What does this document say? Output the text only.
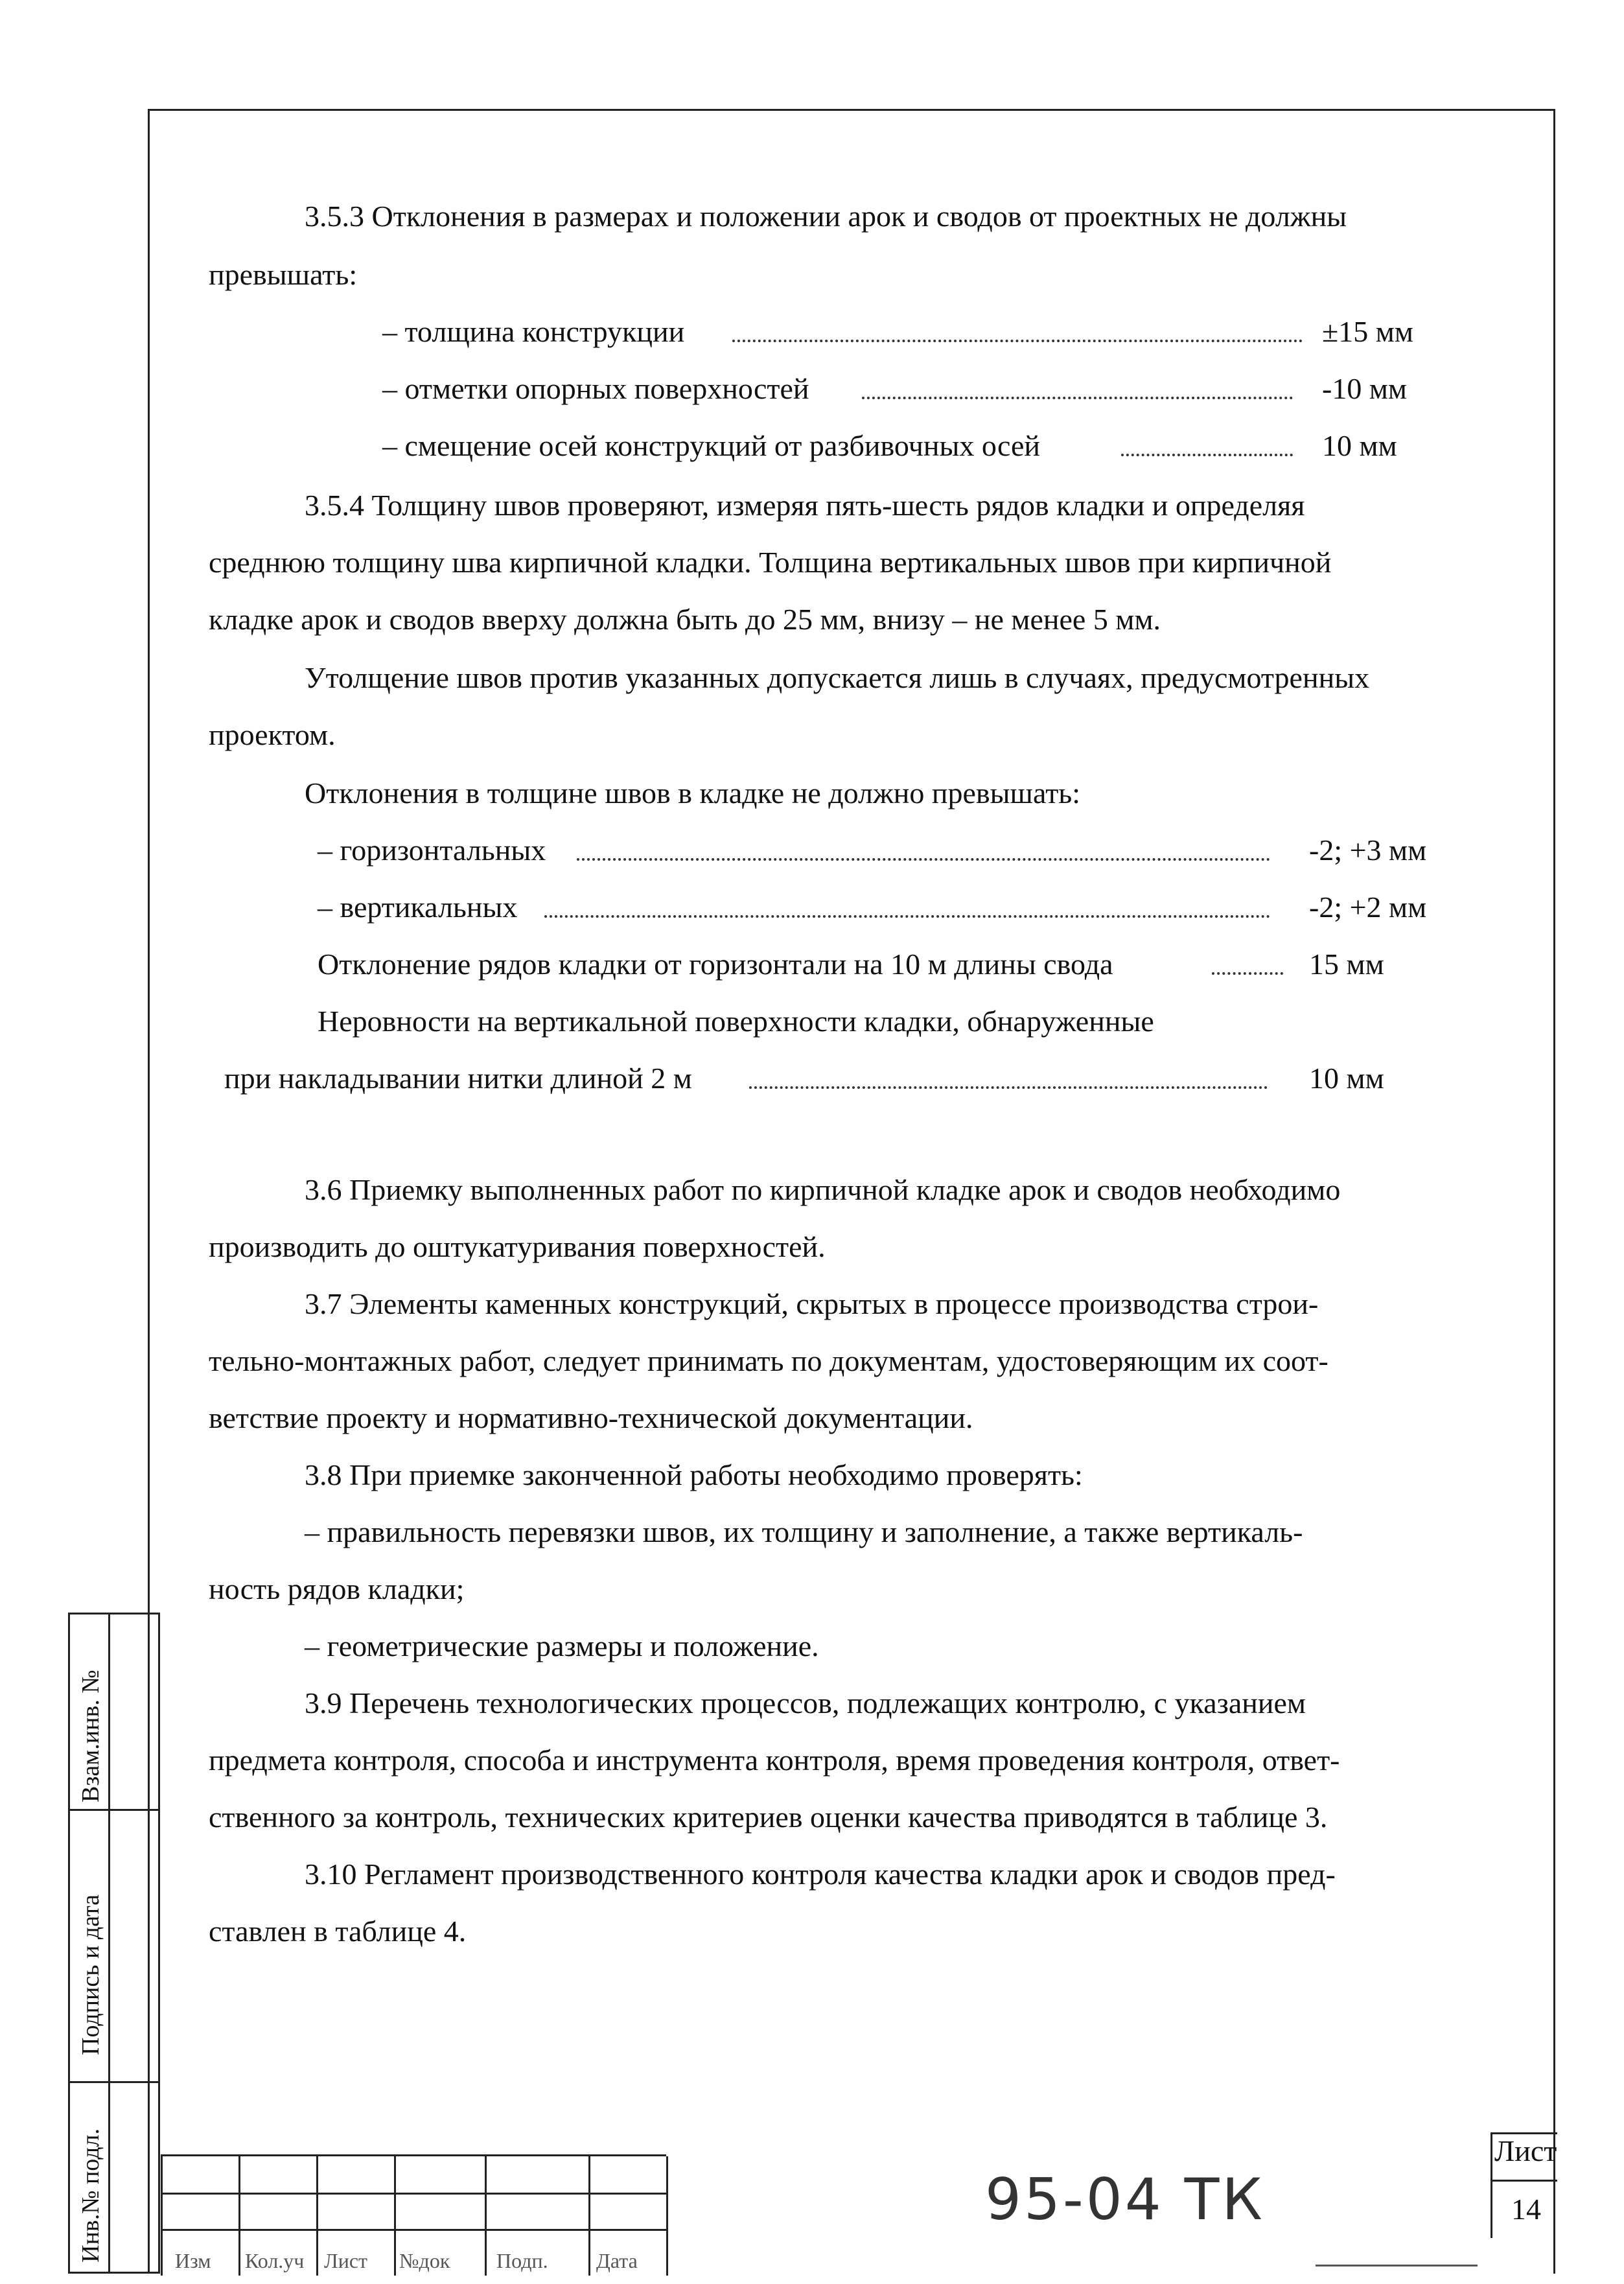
3.5.3 Отклонения в размерах и положении арок и сводов от проектных не должны
превышать:
– толщина конструкции	±15 мм
– отметки опорных поверхностей	-10 мм
– смещение осей конструкций от разбивочных осей	10 мм
3.5.4 Толщину швов проверяют, измеряя пять-шесть рядов кладки и определяя
среднюю толщину шва кирпичной кладки. Толщина вертикальных швов при кирпичной
кладке арок и сводов вверху должна быть до 25 мм, внизу – не менее 5 мм.
Утолщение швов против указанных допускается лишь в случаях, предусмотренных
проектом.
Отклонения в толщине швов в кладке не должно превышать:
– горизонтальных	-2; +3 мм
– вертикальных	-2; +2 мм
Отклонение рядов кладки от горизонтали на 10 м длины свода	15 мм
Неровности на вертикальной поверхности кладки, обнаруженные
при накладывании нитки длиной 2 м	10 мм
3.6 Приемку выполненных работ по кирпичной кладке арок и сводов необходимо
производить до оштукатуривания поверхностей.
3.7 Элементы каменных конструкций, скрытых в процессе производства строи-
тельно-монтажных работ, следует принимать по документам, удостоверяющим их соот-
ветствие проекту и нормативно-технической документации.
3.8 При приемке законченной работы необходимо проверять:
– правильность перевязки швов, их толщину и заполнение, а также вертикаль-
ность рядов кладки;
– геометрические размеры и положение.
3.9 Перечень технологических процессов, подлежащих контролю, с указанием
предмета контроля, способа и инструмента контроля, время проведения контроля, ответ-
ственного за контроль, технических критериев оценки качества приводятся в таблице 3.
3.10 Регламент производственного контроля качества кладки арок и сводов пред-
ставлен в таблице 4.
Взам.инв. №
Подпись и дата
Инв.№ подл.	Изм Кол.уч Лист №док Подп. Дата
95-04 ТК
Лист
14
